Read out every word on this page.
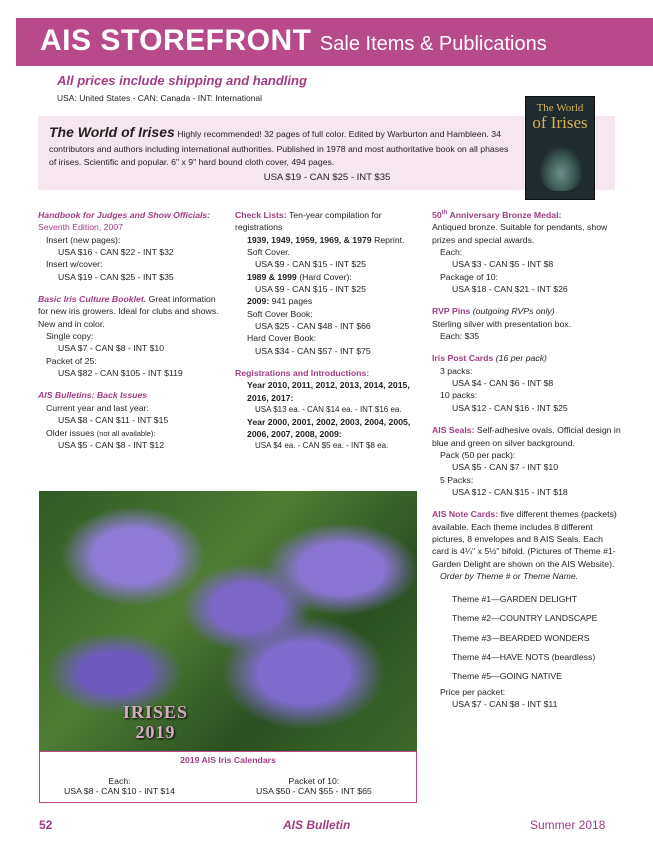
AIS STOREFRONT Sale Items & Publications
All prices include shipping and handling
USA: United States - CAN: Canada - INT: International
The World of Irises Highly recommended! 32 pages of full color. Edited by Warburton and Hambleen. 34 contributors and authors including international authorities. Published in 1978 and most authoritative book on all phases of irises. Scientific and popular. 6" x 9" hard bound cloth cover, 494 pages.
USA $19 - CAN $25 - INT $35
The World
of Irises
Handbook for Judges and Show Officials: Seventh Edition, 2007
Insert (new pages):
USA $16 - CAN $22 - INT $32
Insert w/cover:
USA $19 - CAN $25 - INT $35
Basic Iris Culture Booklet. Great information for new iris growers. Ideal for clubs and shows. New and in color.
Single copy:
USA $7 - CAN $8 - INT $10
Packet of 25:
USA $82 - CAN $105 - INT $119
AIS Bulletins: Back Issues
Current year and last year:
USA $8 - CAN $11 - INT $15
Older issues (not all available):
USA $5 - CAN $8 - INT $12
Check Lists: Ten-year compilation for registrations
1939, 1949, 1959, 1969, & 1979 Reprint.
Soft Cover.
USA $9 - CAN $15 - INT $25
1989 & 1999 (Hard Cover):
USA $9 - CAN $15 - INT $25
2009: 941 pages
Soft Cover Book:
USA $25 - CAN $48 - INT $66
Hard Cover Book:
USA $34 - CAN $57 - INT $75
Registrations and Introductions:
Year 2010, 2011, 2012, 2013, 2014, 2015, 2016, 2017:
USA $13 ea. - CAN $14 ea. - INT $16 ea.
Year 2000, 2001, 2002, 2003, 2004, 2005, 2006, 2007, 2008, 2009:
USA $4 ea. - CAN $5 ea. - INT $8 ea.
50th Anniversary Bronze Medal:
Antiqued bronze. Suitable for pendants, show prizes and special awards.
Each:
USA $3 - CAN $5 - INT $8
Package of 10:
USA $18 - CAN $21 - INT $26
RVP Pins (outgoing RVPs only)
Sterling silver with presentation box.
Each: $35
Iris Post Cards (16 per pack)
3 packs:
USA $4 - CAN $6 - INT $8
10 packs:
USA $12 - CAN $16 - INT $25
AIS Seals: Self-adhesive ovals. Official design in blue and green on silver background.
Pack (50 per pack):
USA $5 - CAN $7 - INT $10
5 Packs:
USA $12 - CAN $15 - INT $18
AIS Note Cards: five different themes (packets) available. Each theme includes 8 different pictures, 8 envelopes and 8 AIS Seals. Each card is 4¼" x 5½" bifold. (Pictures of Theme #1-Garden Delight are shown on the AIS Website).
Order by Theme # or Theme Name.
Theme #1—GARDEN DELIGHT
Theme #2—COUNTRY LANDSCAPE
Theme #3—BEARDED WONDERS
Theme #4—HAVE NOTS (beardless)
Theme #5—GOING NATIVE
Price per packet:
USA $7 - CAN $8 - INT $11
IRISES
2019
2019 AIS Iris Calendars
Each:
USA $8 - CAN $10 - INT $14
Packet of 10:
USA $50 - CAN $55 - INT $65
52	AIS Bulletin	Summer 2018
